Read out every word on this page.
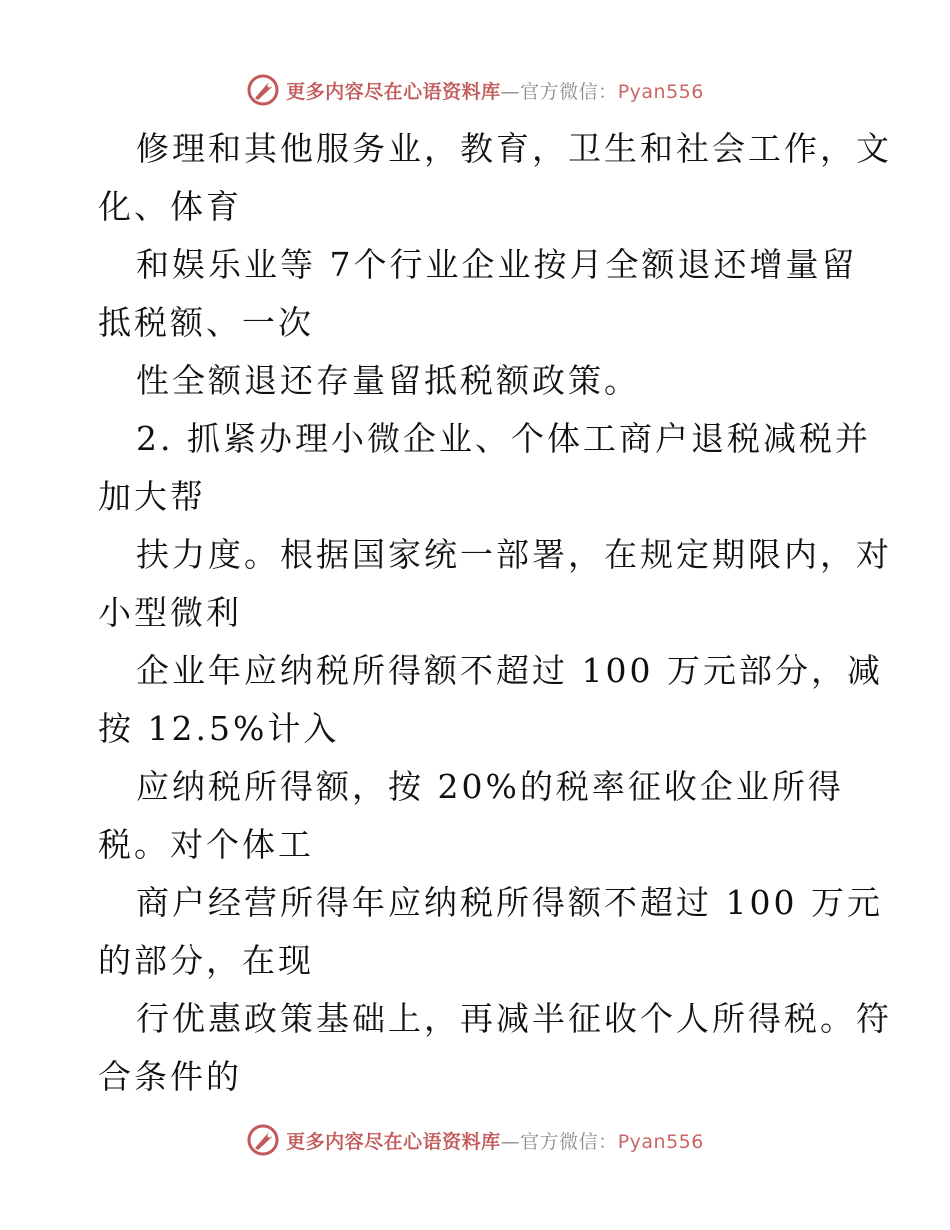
更多内容尽在心语资料库—官方微信：Pyan556
修理和其他服务业，教育，卫生和社会工作，文
化、体育
和娱乐业等 7个行业企业按月全额退还增量留
抵税额、一次
性全额退还存量留抵税额政策。
2. 抓紧办理小微企业、个体工商户退税减税并
加大帮
扶力度。根据国家统一部署，在规定期限内，对
小型微利
企业年应纳税所得额不超过 100 万元部分，减
按 12.5%计入
应纳税所得额，按 20%的税率征收企业所得
税。对个体工
商户经营所得年应纳税所得额不超过 100 万元
的部分，在现
行优惠政策基础上，再减半征收个人所得税。符
合条件的
更多内容尽在心语资料库—官方微信：Pyan556
